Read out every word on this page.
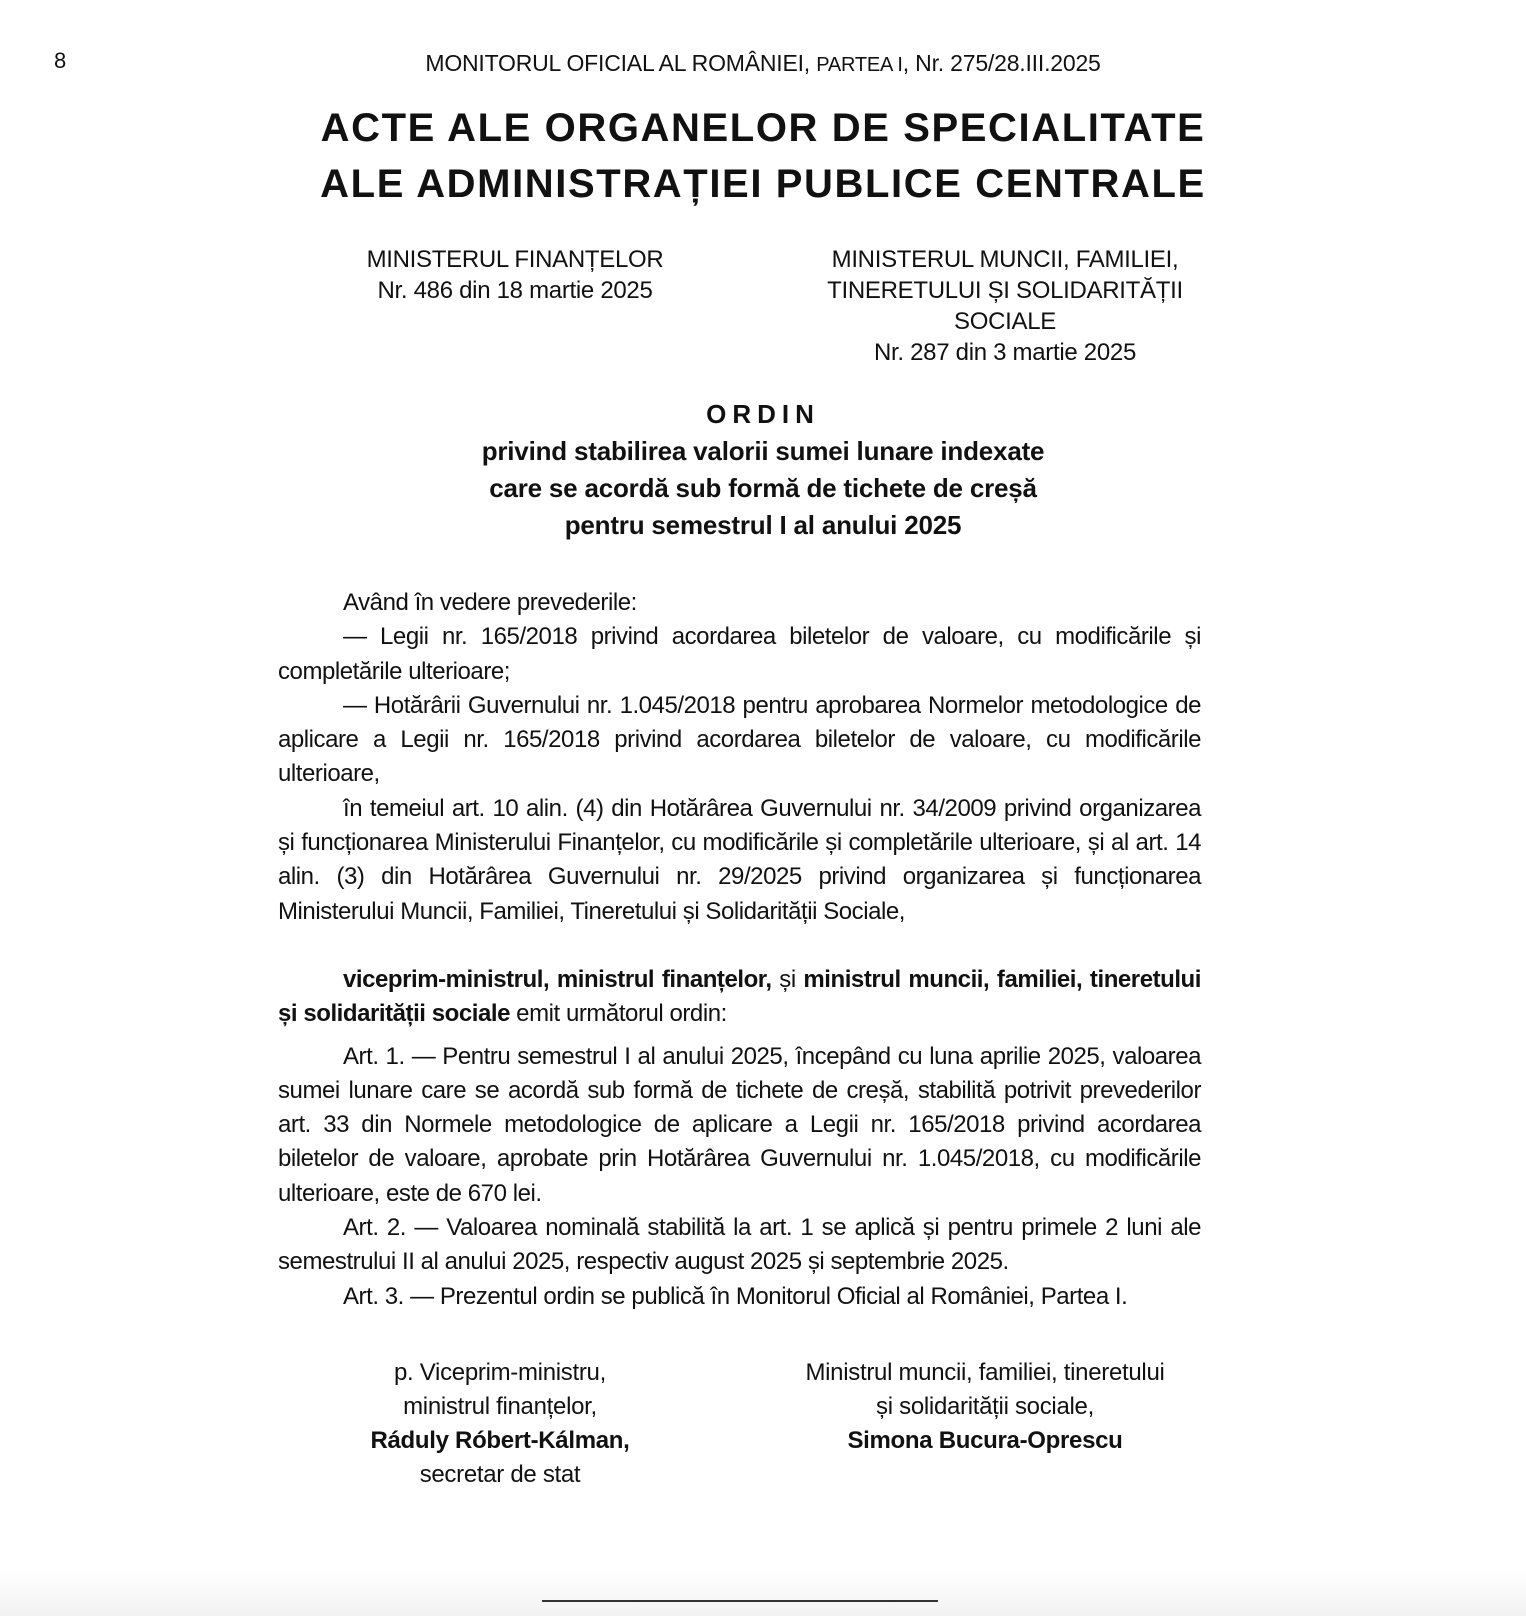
8	MONITORUL OFICIAL AL ROMÂNIEI, PARTEA I, Nr. 275/28.III.2025
ACTE ALE ORGANELOR DE SPECIALITATE
ALE ADMINISTRAȚIEI PUBLICE CENTRALE
MINISTERUL FINANȚELOR
Nr. 486 din 18 martie 2025
MINISTERUL MUNCII, FAMILIEI,
TINERETULUI ȘI SOLIDARITĂȚII
SOCIALE
Nr. 287 din 3 martie 2025
ORDIN
privind stabilirea valorii sumei lunare indexate
care se acordă sub formă de tichete de creșă
pentru semestrul I al anului 2025

Având în vedere prevederile:

— Legii nr. 165/2018 privind acordarea biletelor de valoare, cu modificările și completările ulterioare;

— Hotărârii Guvernului nr. 1.045/2018 pentru aprobarea Normelor metodologice de aplicare a Legii nr. 165/2018 privind acordarea biletelor de valoare, cu modificările ulterioare,

în temeiul art. 10 alin. (4) din Hotărârea Guvernului nr. 34/2009 privind organizarea și funcționarea Ministerului Finanțelor, cu modificările și completările ulterioare, și al art. 14 alin. (3) din Hotărârea Guvernului nr. 29/2025 privind organizarea și funcționarea Ministerului Muncii, Familiei, Tineretului și Solidarității Sociale,

viceprim-ministrul, ministrul finanțelor, și ministrul muncii, familiei, tineretului și solidarității sociale emit următorul ordin:

Art. 1. — Pentru semestrul I al anului 2025, începând cu luna aprilie 2025, valoarea sumei lunare care se acordă sub formă de tichete de creșă, stabilită potrivit prevederilor art. 33 din Normele metodologice de aplicare a Legii nr. 165/2018 privind acordarea biletelor de valoare, aprobate prin Hotărârea Guvernului nr. 1.045/2018, cu modificările ulterioare, este de 670 lei.

Art. 2. — Valoarea nominală stabilită la art. 1 se aplică și pentru primele 2 luni ale semestrului II al anului 2025, respectiv august 2025 și septembrie 2025.

Art. 3. — Prezentul ordin se publică în Monitorul Oficial al României, Partea I.

p. Viceprim-ministru,
ministrul finanțelor,
Ráduly Róbert-Kálman,
secretar de stat
Ministrul muncii, familiei, tineretului
și solidarității sociale,
Simona Bucura-Oprescu
